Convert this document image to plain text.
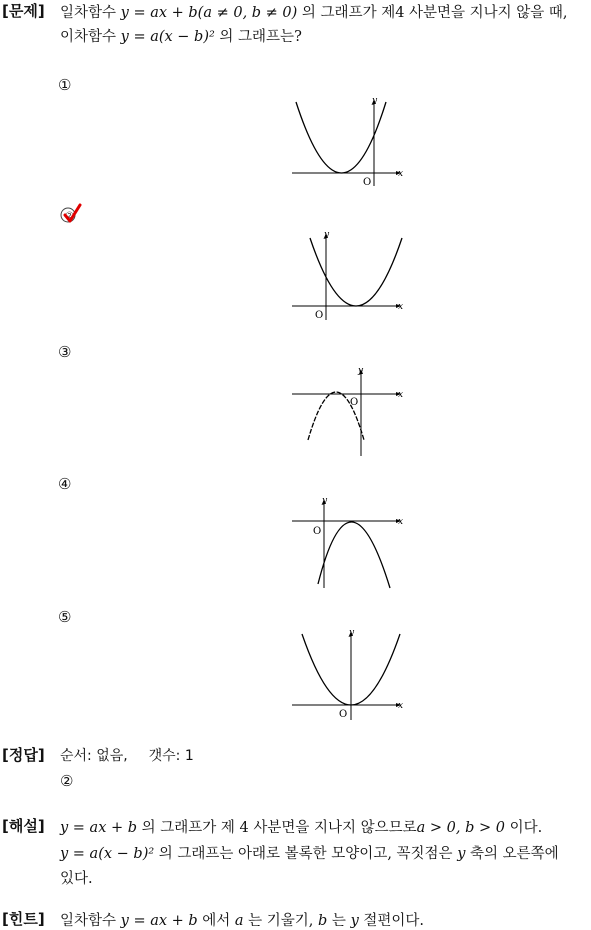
[문제] 일차함수 y = ax + b(a ≠ 0, b ≠ 0) 의 그래프가 제4 사분면을 지나지 않을 때,
이차함수 y = a(x − b)² 의 그래프는?
①
②
③
④
⑤
O
x
y
O
x
y
O
x
y
O
x
y
O
x
y
[정답] 순서: 없음, 갯수: 1
②
[해설] y = ax + b 의 그래프가 제 4 사분면을 지나지 않으므로a > 0, b > 0 이다.
y = a(x − b)² 의 그래프는 아래로 볼록한 모양이고, 꼭짓점은 y 축의 오른쪽에
있다.
[힌트] 일차함수 y = ax + b 에서 a 는 기울기, b 는 y 절편이다.
